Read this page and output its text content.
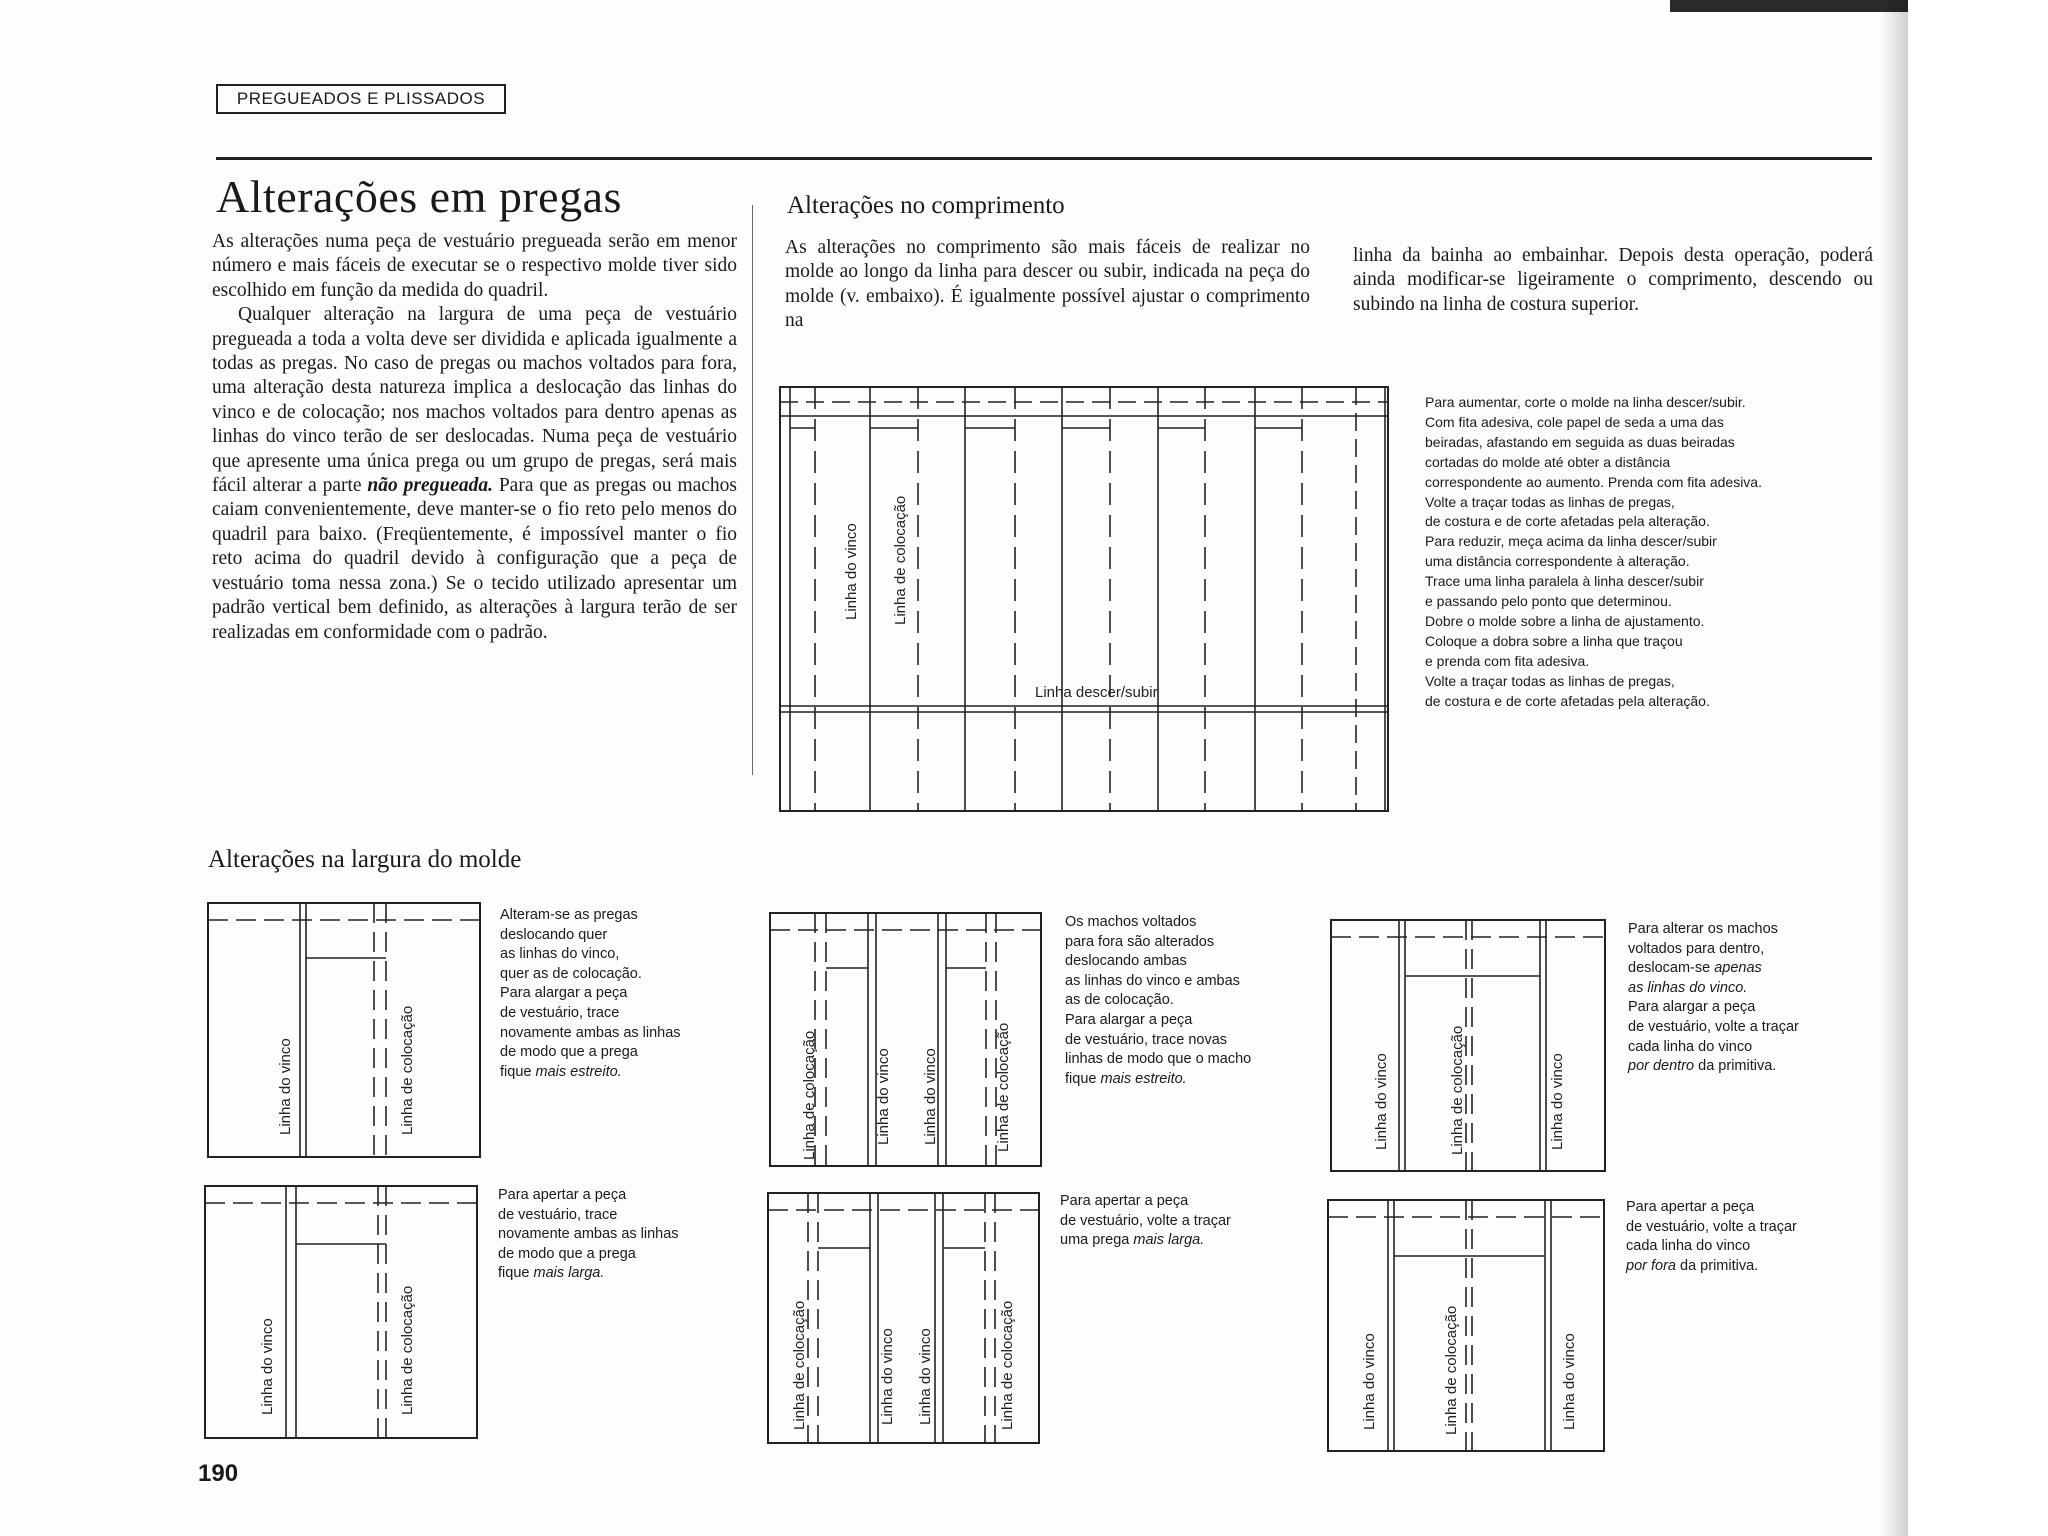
PREGUEADOS E PLISSADOS
Alterações em pregas

As alterações numa peça de vestuário pregueada serão em menor número e mais fáceis de executar se o respectivo molde tiver sido escolhido em função da medida do quadril.

Qualquer alteração na largura de uma peça de vestuário pregueada a toda a volta deve ser dividida e aplicada igualmente a todas as pregas. No caso de pregas ou machos voltados para fora, uma alteração desta natureza implica a deslocação das linhas do vinco e de colocação; nos machos voltados para dentro apenas as linhas do vinco terão de ser deslocadas. Numa peça de vestuário que apresente uma única prega ou um grupo de pregas, será mais fácil alterar a parte não pregueada. Para que as pregas ou machos caiam convenientemente, deve manter-se o fio reto pelo menos do quadril para baixo. (Freqüentemente, é impossível manter o fio reto acima do quadril devido à configuração que a peça de vestuário toma nessa zona.) Se o tecido utilizado apresentar um padrão vertical bem definido, as alterações à largura terão de ser realizadas em conformidade com o padrão.

Alterações no comprimento
As alterações no comprimento são mais fáceis de realizar no molde ao longo da linha para descer ou subir, indicada na peça do molde (v. embaixo). É igualmente possível ajustar o comprimento na
linha da bainha ao embainhar. Depois desta operação, poderá ainda modificar-se ligeiramente o comprimento, descendo ou subindo na linha de costura superior.
Linha do vinco Linha de colocação
Linha descer/subir
Para aumentar, corte o molde na linha descer/subir.
Com fita adesiva, cole papel de seda a uma das
beiradas, afastando em seguida as duas beiradas
cortadas do molde até obter a distância
correspondente ao aumento. Prenda com fita adesiva.
Volte a traçar todas as linhas de pregas,
de costura e de corte afetadas pela alteração.
Para reduzir, meça acima da linha descer/subir
uma distância correspondente à alteração.
Trace uma linha paralela à linha descer/subir
e passando pelo ponto que determinou.
Dobre o molde sobre a linha de ajustamento.
Coloque a dobra sobre a linha que traçou
e prenda com fita adesiva.
Volte a traçar todas as linhas de pregas,
de costura e de corte afetadas pela alteração.
Alterações na largura do molde
Linha do vinco	Linha de colocação
Linha do vinco	Linha de colocação
Linha de colocação	Linha do vinco Linha do vinco	Linha de colocação
Linha de colocação	Linha do vinco Linha do vinco	Linha de colocação
Linha do vinco	Linha de colocação	Linha do vinco
Linha do vinco	Linha de colocação	Linha do vinco
Alteram-se as pregas
deslocando quer
as linhas do vinco,
quer as de colocação.
Para alargar a peça
de vestuário, trace
novamente ambas as linhas
de modo que a prega
fique mais estreito.
Para apertar a peça
de vestuário, trace
novamente ambas as linhas
de modo que a prega
fique mais larga.
Os machos voltados
para fora são alterados
deslocando ambas
as linhas do vinco e ambas
as de colocação.
Para alargar a peça
de vestuário, trace novas
linhas de modo que o macho
fique mais estreito.
Para apertar a peça
de vestuário, volte a traçar
uma prega mais larga.
Para alterar os machos
voltados para dentro,
deslocam-se apenas
as linhas do vinco.
Para alargar a peça
de vestuário, volte a traçar
cada linha do vinco
por dentro da primitiva.
Para apertar a peça
de vestuário, volte a traçar
cada linha do vinco
por fora da primitiva.
190
